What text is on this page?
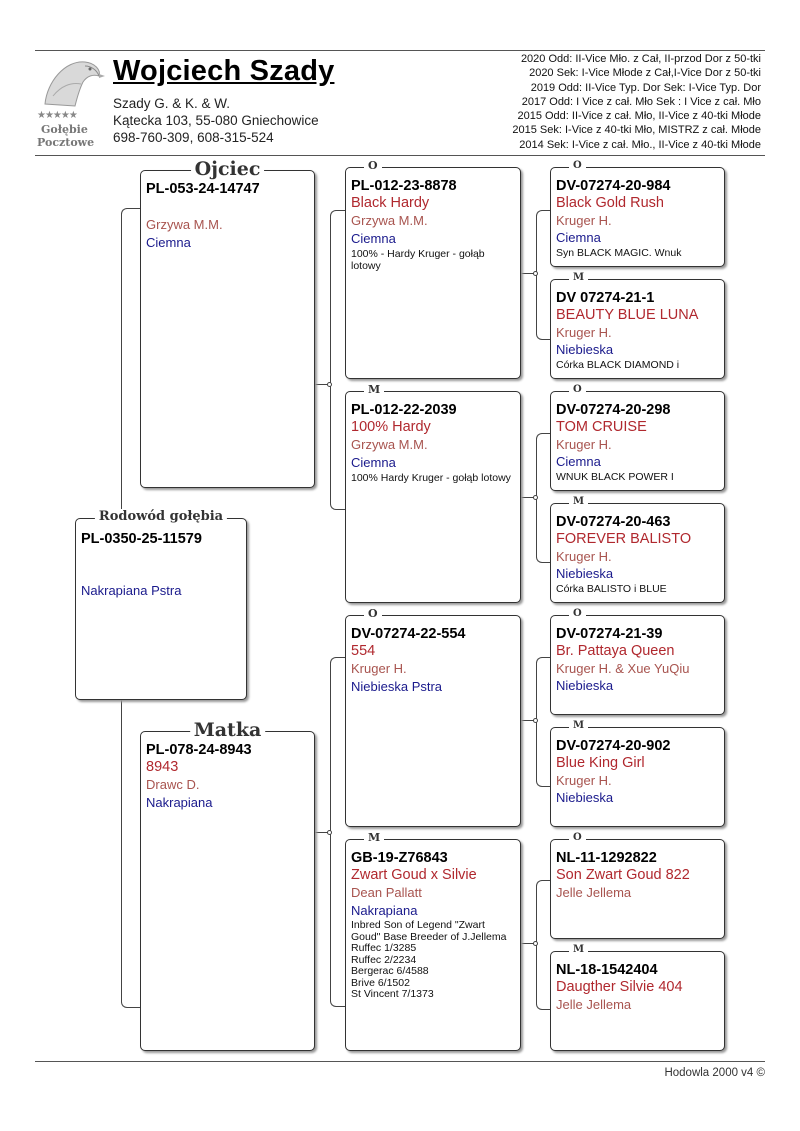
★★★★★
Gołębie
Pocztowe
Wojciech Szady
Szady G. & K. & W.
Kątecka 103, 55-080 Gniechowice
698-760-309, 608-315-524
2020 Odd: II-Vice Mło. z Cał, II-przod Dor z 50-tki
2020 Sek: I-Vice Młode z Cał,I-Vice Dor z 50-tki
2019 Odd: II-Vice Typ. Dor Sek: I-Vice Typ. Dor
2017 Odd: I Vice z cał. Mło Sek : I Vice z cał. Mło
2015 Odd: II-Vice z cał. Mło, II-Vice z 40-tki Młode
2015 Sek: I-Vice z 40-tki Mło, MISTRZ z cał. Młode
2014 Sek: I-Vice z cał. Mło., II-Vice z 40-tki Młode
Rodowód gołębia
PL-0350-25-11579
Nakrapiana Pstra
Ojciec
PL-053-24-14747
Grzywa M.M.
Ciemna
Matka
PL-078-24-8943
8943
Drawc D.
Nakrapiana
O
PL-012-23-8878
Black Hardy
Grzywa M.M.
Ciemna
100% - Hardy Kruger - gołąb lotowy
M
PL-012-22-2039
100% Hardy
Grzywa M.M.
Ciemna
100% Hardy Kruger - gołąb lotowy
O
DV-07274-22-554
554
Kruger H.
Niebieska Pstra
M
GB-19-Z76843
Zwart Goud x Silvie
Dean Pallatt
Nakrapiana
Inbred Son of Legend "Zwart Goud" Base Breeder of J.Jellema
Ruffec 1/3285
Ruffec 2/2234
Bergerac 6/4588
Brive 6/1502
St Vincent 7/1373
O
DV-07274-20-984
Black Gold Rush
Kruger H.
Ciemna
Syn BLACK MAGIC. Wnuk
M
DV 07274-21-1
BEAUTY BLUE LUNA
Kruger H.
Niebieska
Córka BLACK DIAMOND i
O
DV-07274-20-298
TOM CRUISE
Kruger H.
Ciemna
WNUK BLACK POWER I
M
DV-07274-20-463
FOREVER BALISTO
Kruger H.
Niebieska
Córka BALISTO i BLUE
O
DV-07274-21-39
Br. Pattaya Queen
Kruger H. & Xue YuQiu
Niebieska
M
DV-07274-20-902
Blue King Girl
Kruger H.
Niebieska
O
NL-11-1292822
Son Zwart Goud 822
Jelle Jellema
M
NL-18-1542404
Daugther Silvie 404
Jelle Jellema
Hodowla 2000 v4 ©
